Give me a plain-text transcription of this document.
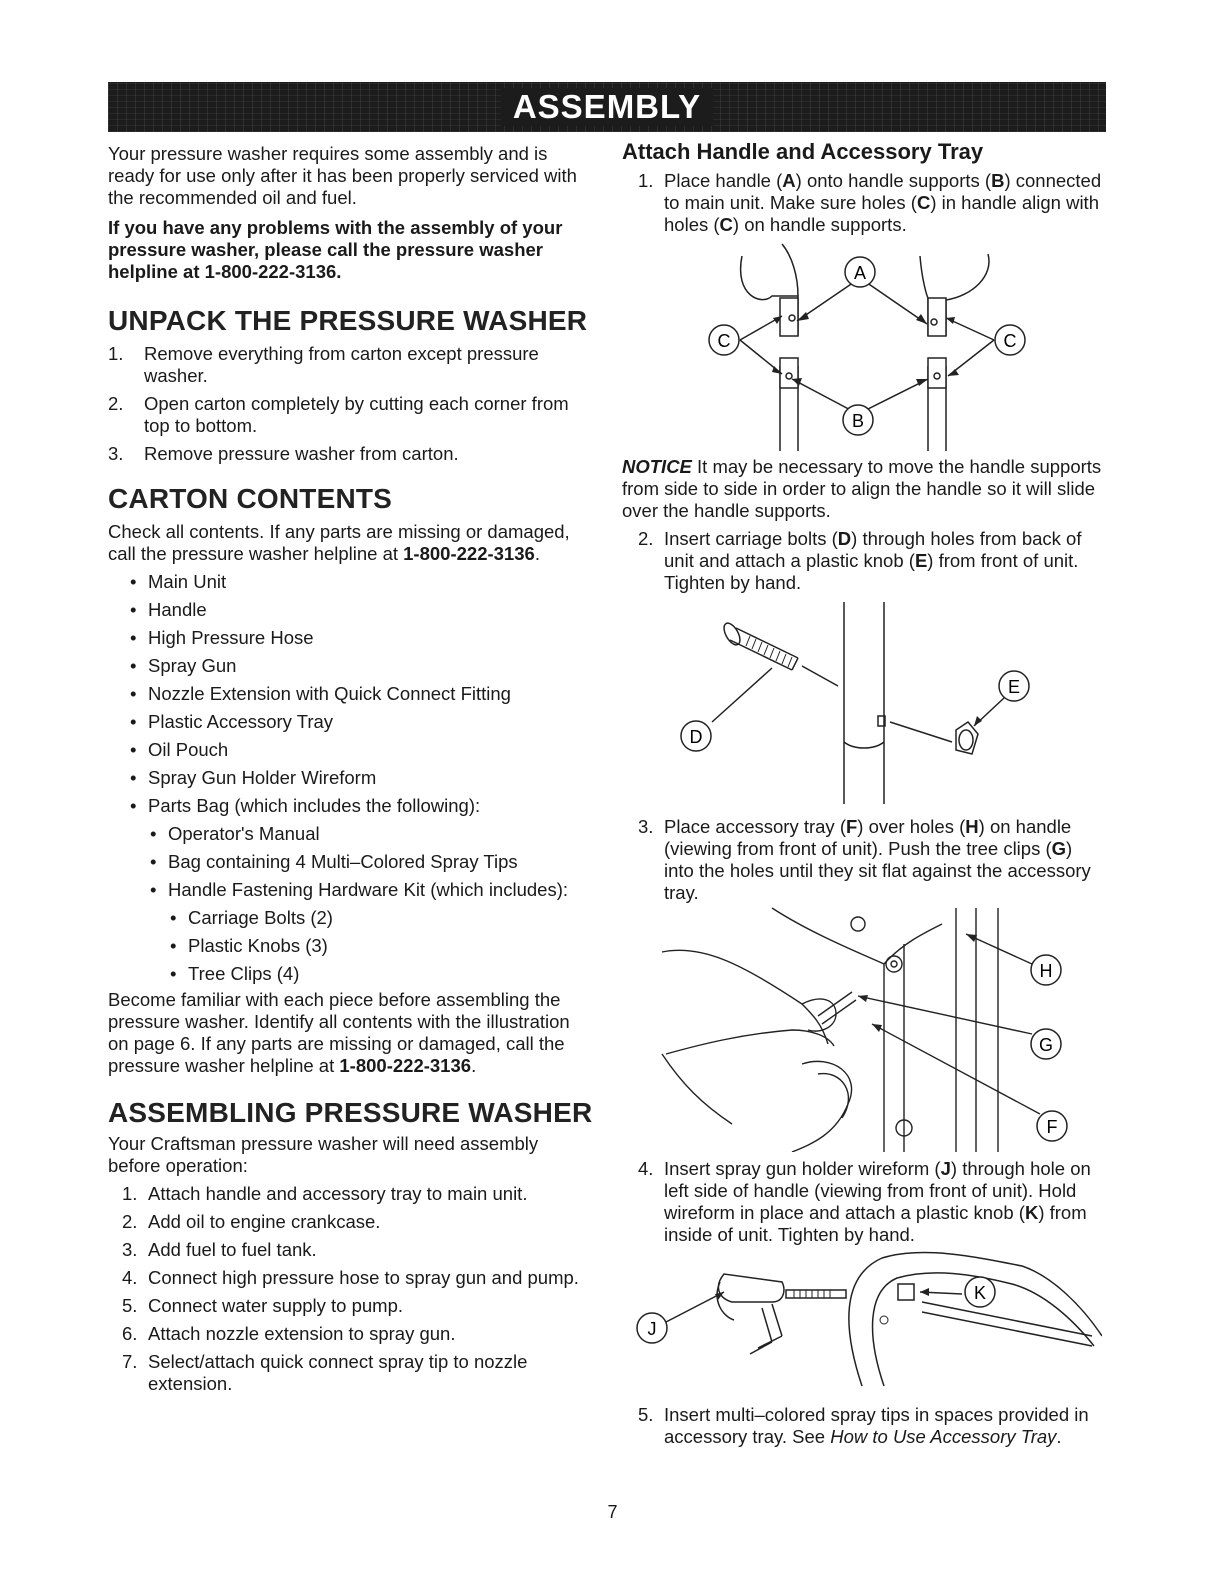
ASSEMBLY

Your pressure washer requires some assembly and is ready for use only after it has been properly serviced with the recommended oil and fuel.

If you have any problems with the assembly of your pressure washer, please call the pressure washer helpline at 1-800-222-3136.

UNPACK THE PRESSURE WASHER
1. Remove everything from carton except pressure washer.
2. Open carton completely by cutting each corner from top to bottom.
3. Remove pressure washer from carton.
CARTON CONTENTS

Check all contents. If any parts are missing or damaged, call the pressure washer helpline at 1-800-222-3136.

• Main Unit
• Handle
• High Pressure Hose
• Spray Gun
• Nozzle Extension with Quick Connect Fitting
• Plastic Accessory Tray
• Oil Pouch
• Spray Gun Holder Wireform
• Parts Bag (which includes the following):
• Operator's Manual
• Bag containing 4 Multi–Colored Spray Tips
• Handle Fastening Hardware Kit (which includes):
• Carriage Bolts (2)
• Plastic Knobs (3)
• Tree Clips (4)

Become familiar with each piece before assembling the pressure washer. Identify all contents with the illustration on page 6. If any parts are missing or damaged, call the pressure washer helpline at 1-800-222-3136.

ASSEMBLING PRESSURE WASHER

Your Craftsman pressure washer will need assembly before operation:

1. Attach handle and accessory tray to main unit.
2. Add oil to engine crankcase.
3. Add fuel to fuel tank.
4. Connect high pressure hose to spray gun and pump.
5. Connect water supply to pump.
6. Attach nozzle extension to spray gun.
7. Select/attach quick connect spray tip to nozzle extension.
Attach Handle and Accessory Tray
1. Place handle (A) onto handle supports (B) connected to main unit. Make sure holes (C) in handle align with holes (C) on handle supports.
A
B
C	C

NOTICE It may be necessary to move the handle supports from side to side in order to align the handle so it will slide over the handle supports.

2. Insert carriage bolts (D) through holes from back of unit and attach a plastic knob (E) from front of unit. Tighten by hand.
D
E
3. Place accessory tray (F) over holes (H) on handle (viewing from front of unit). Push the tree clips (G) into the holes until they sit flat against the accessory tray.
H
G
F
4. Insert spray gun holder wireform (J) through hole on left side of handle (viewing from front of unit). Hold wireform in place and attach a plastic knob (K) from inside of unit. Tighten by hand.
J
K
5. Insert multi–colored spray tips in spaces provided in accessory tray. See How to Use Accessory Tray.
7
